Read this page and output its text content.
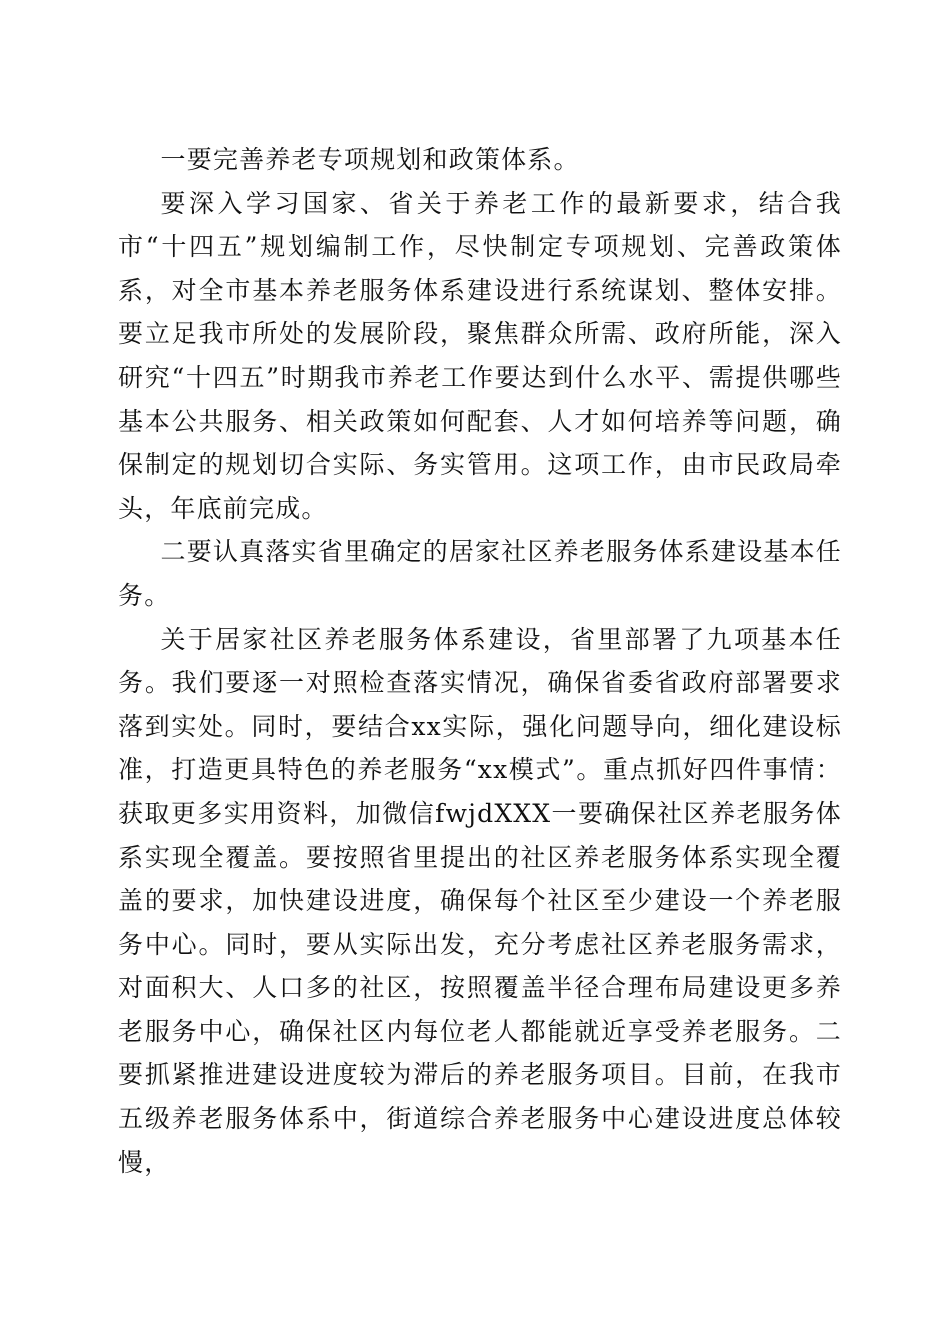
一要完善养老专项规划和政策体系。

要深入学习国家、省关于养老工作的最新要求，结合我市“十四五”规划编制工作，尽快制定专项规划、完善政策体系，对全市基本养老服务体系建设进行系统谋划、整体安排。要立足我市所处的发展阶段，聚焦群众所需、政府所能，深入研究“十四五”时期我市养老工作要达到什么水平、需提供哪些基本公共服务、相关政策如何配套、人才如何培养等问题，确保制定的规划切合实际、务实管用。这项工作，由市民政局牵头，年底前完成。

二要认真落实省里确定的居家社区养老服务体系建设基本任务。

关于居家社区养老服务体系建设，省里部署了九项基本任务。我们要逐一对照检查落实情况，确保省委省政府部署要求落到实处。同时，要结合xx实际，强化问题导向，细化建设标准，打造更具特色的养老服务“xx模式”。重点抓好四件事情：获取更多实用资料，加微信fwjdXXX一要确保社区养老服务体系实现全覆盖。要按照省里提出的社区养老服务体系实现全覆盖的要求，加快建设进度，确保每个社区至少建设一个养老服务中心。同时，要从实际出发，充分考虑社区养老服务需求，对面积大、人口多的社区，按照覆盖半径合理布局建设更多养老服务中心，确保社区内每位老人都能就近享受养老服务。二要抓紧推进建设进度较为滞后的养老服务项目。目前，在我市五级养老服务体系中，街道综合养老服务中心建设进度总体较慢，
